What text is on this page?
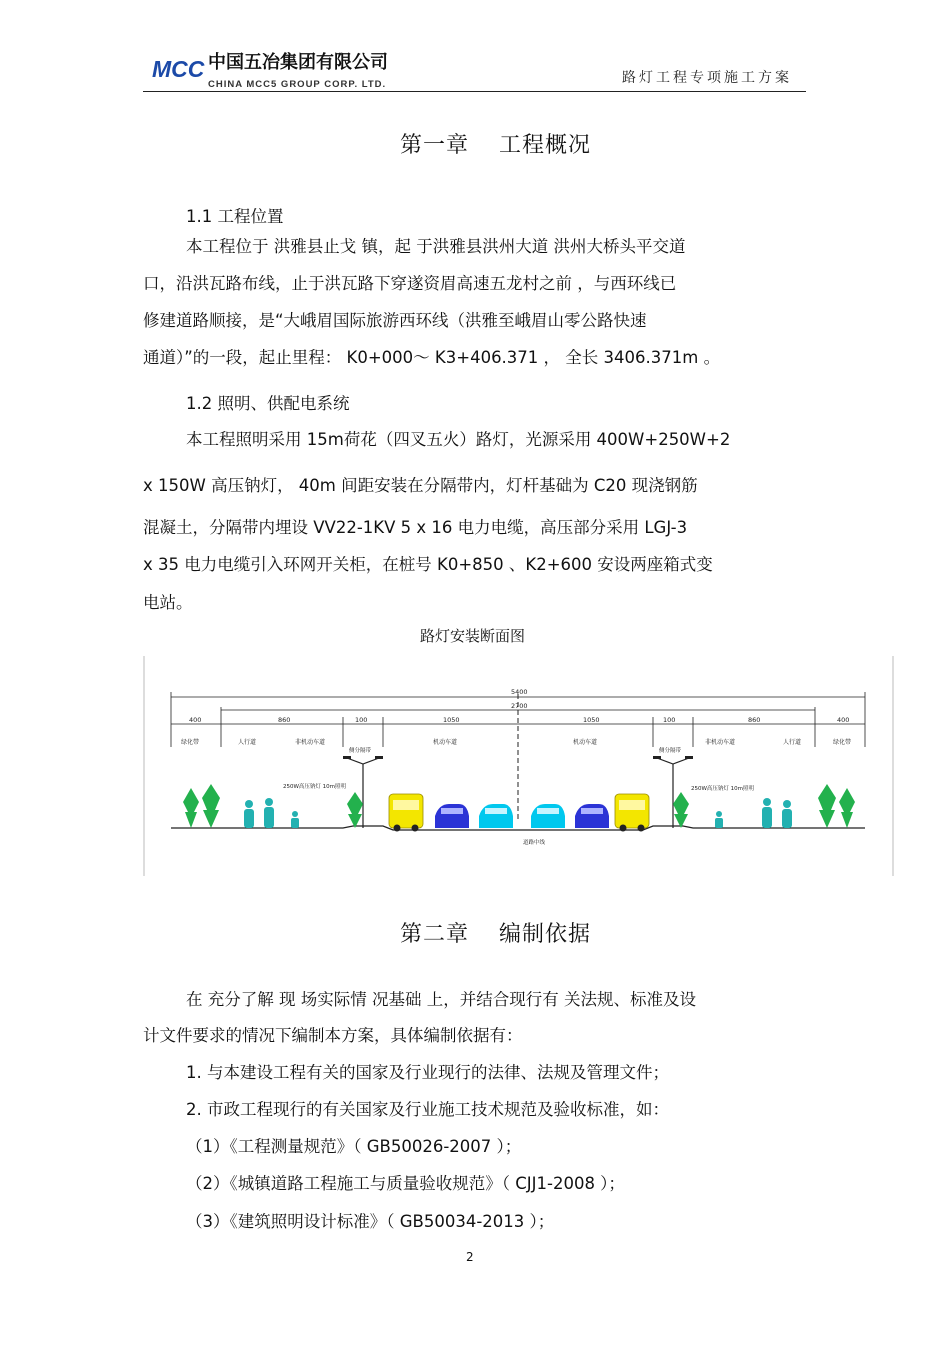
MCC 中国五冶集团有限公司
CHINA MCC5 GROUP CORP. LTD.	路灯工程专项施工方案
第一章 工程概况
1.1 工程位置
本工程位于 洪雅县止戈 镇，起 于洪雅县洪州大道 洪州大桥头平交道
口，沿洪瓦路布线，止于洪瓦路下穿遂资眉高速五龙村之前 ，与西环线已
修建道路顺接，是“大峨眉国际旅游西环线（洪雅至峨眉山零公路快速
通道）”的一段，起止里程： K0+000～ K3+406.371 ， 全长 3406.371m 。
1.2 照明、供配电系统
本工程照明采用 15m荷花（四叉五火）路灯，光源采用 400W+250W+2
x 150W 高压钠灯， 40m 间距安装在分隔带内，灯杆基础为 C20 现浇钢筋
混凝土，分隔带内埋设 VV22-1KV 5 x 16 电力电缆，高压部分采用 LGJ-3
x 35 电力电缆引入环网开关柜，在桩号 K0+850 、K2+600 安设两座箱式变
电站。
路灯安装断面图
5400
2700
400	860	100	1050	1050	100	860	400
绿化带	人行道	非机动车道	机动车道	机动车道	非机动车道	人行道	绿化带
侧分隔带	侧分隔带
250W高压钠灯 10m照明	250W高压钠灯 10m照明
道路中线
第二章 编制依据
在 充分了解 现 场实际情 况基础 上，并结合现行有 关法规、标准及设
计文件要求的情况下编制本方案，具体编制依据有：
1. 与本建设工程有关的国家及行业现行的法律、法规及管理文件；
2. 市政工程现行的有关国家及行业施工技术规范及验收标准，如：
（1）《工程测量规范》（ GB50026-2007 ）；
（2）《城镇道路工程施工与质量验收规范》（ CJJ1-2008 ）；
（3）《建筑照明设计标准》（ GB50034-2013 ）；
2
